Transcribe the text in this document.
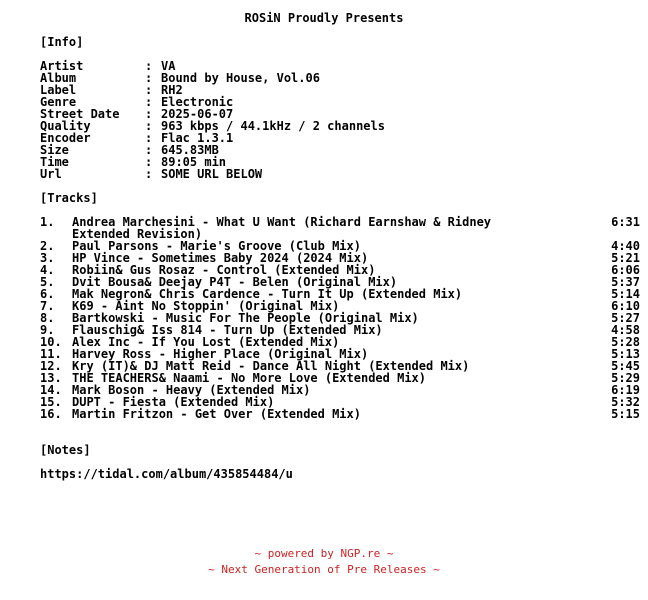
ROSiN Proudly Presents
[Info]
Artist	: VA
Album	: Bound by House, Vol.06
Label	: RH2
Genre	: Electronic
Street Date : 2025-06-07
Quality	: 963 kbps / 44.1kHz / 2 channels
Encoder	: Flac 1.3.1
Size	: 645.83MB
Time	: 89:05 min
Url	: SOME URL BELOW
[Tracks]
1. Andrea Marchesini - What U Want (Richard Earnshaw & Ridney	6:31
Extended Revision)
2. Paul Parsons - Marie's Groove (Club Mix)	4:40
3. HP Vince - Sometimes Baby 2024 (2024 Mix)	5:21
4. Robiin& Gus Rosaz - Control (Extended Mix)	6:06
5. Dvit Bousa& Deejay P4T - Belen (Original Mix)	5:37
6. Mak Negron& Chris Cardence - Turn It Up (Extended Mix)	5:14
7. K69 - Aint No Stoppin' (Original Mix)	6:10
8. Bartkowski - Music For The People (Original Mix)	5:27
9. Flauschig& Iss 814 - Turn Up (Extended Mix)	4:58
10. Alex Inc - If You Lost (Extended Mix)	5:28
11. Harvey Ross - Higher Place (Original Mix)	5:13
12. Kry (IT)& DJ Matt Reid - Dance All Night (Extended Mix)	5:45
13. THE TEACHERS& Naami - No More Love (Extended Mix)	5:29
14. Mark Boson - Heavy (Extended Mix)	6:19
15. DUPT - Fiesta (Extended Mix)	5:32
16. Martin Fritzon - Get Over (Extended Mix)	5:15
[Notes]
https://tidal.com/album/435854484/u
~ powered by NGP.re ~
~ Next Generation of Pre Releases ~
